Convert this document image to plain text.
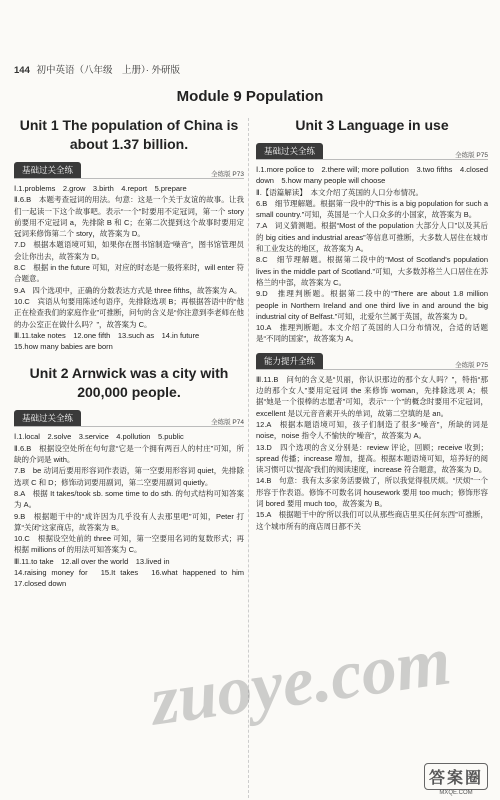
144 初中英语（八年级　上册）· 外研版
Module 9 Population
Unit 1 The population of China is about 1.37 billion.
基础过关全练	全练版 P73

Ⅰ.1.problems　2.grow　3.birth　4.report　5.prepare

Ⅱ.6.B　本题考查冠词的用法。句意：这是一个关于友谊的故事。让我们一起读一下这个故事吧。表示“一个”时要用不定冠词，第一个 story 前要用不定冠词 a，先排除 B 和 C；在第二次提到这个故事时要用定冠词来修饰第二个 story，故答案为 D。

7.D　根据本题语境可知，如果你在图书馆制造“噪音”，图书馆管理员会让你出去，故答案为 D。

8.C　根据 in the future 可知，对应的时态是一般将来时，will enter 符合题意。

9.A　四个选项中，正确的分数表达方式是 three fifths，故答案为 A。

10.C　宾语从句要用陈述句语序，先排除选项 B；再根据答语中的“他正在检查我们的家庭作业”可推断，问句的含义是“你注意到李老师在他的办公室正在做什么吗？”，故答案为 C。

Ⅲ.11.take notes　12.one fifth　13.such as　14.in future

15.how many babies are born

Unit 2 Arnwick was a city with 200,000 people.
基础过关全练	全练版 P74

Ⅰ.1.local　2.solve　3.service　4.pollution　5.public

Ⅱ.6.B　根据设空处所在句句意“它是一个拥有两百人的村庄”可知，所缺的介词是 with。

7.B　be 动词后要用形容词作表语，第一空要用形容词 quiet，先排除选项 C 和 D；修饰动词要用副词，第二空要用副词 quietly。

8.A　根据 It takes/took sb. some time to do sth. 的句式结构可知答案为 A。

9.B　根据题干中的“成许因为几乎没有人去那里吧”可知，Peter 打算“关闭”这家商店，故答案为 B。

10.C　根据设空处前的 three 可知，第一空要用名词的复数形式；再根据 millions of 的用法可知答案为 C。

Ⅲ.11.to take　12.all over the world　13.lived in

14.raising money for　15.It takes　16.what happened to him　17.closed down

Unit 3 Language in use
基础过关全练	全练版 P75

Ⅰ.1.more police to　2.there will; more pollution　3.two fifths　4.closed down　5.how many people will choose

Ⅱ.【语篇解读】　本文介绍了英国的人口分布情况。

6.B　细节理解题。根据第一段中的“This is a big population for such a small country.”可知，英国是一个人口众多的小国家，故答案为 B。

7.A　词义猜测题。根据“Most of the population 大部分人口”以及其后的 big cities and industrial areas”等信息可推断，大多数人居住在城市和工业发达的地区，故答案为 A。

8.C　细节理解题。根据第二段中的“Most of Scotland's population lives in the middle part of Scotland.”可知，大多数苏格兰人口居住在苏格兰的中部，故答案为 C。

9.D　推理判断题。根据第二段中的“There are about 1.8 million people in Northern Ireland and one third live in and around the big industrial city of Belfast.”可知，北爱尔兰属于英国，故答案为 D。

10.A　推理判断题。本文介绍了英国的人口分布情况，合适的话题是“不同的国家”，故答案为 A。

能力提升全练	全练版 P75

Ⅲ.11.B　问句的含义是“贝丽，你认识那边的那个女人吗？”，特指“那边的那个女人”要用定冠词 the 来修饰 woman，先排除选项 A；根据“她是一个很棒的志愿者”可知，表示“一个”的概念时要用不定冠词，excellent 是以元音音素开头的单词，故第二空填的是 an。

12.A　根据本题语境可知，孩子们制造了很多“噪音”，所缺的词是 noise，noise 指令人不愉快的“噪音”，故答案为 A。

13.D　四个选项的含义分别是：review 评论，回顾；receive 收到；spread 传播；increase 增加，提高。根据本题语境可知，培养好的阅读习惯可以“提高”我们的阅读速度，increase 符合题意，故答案为 D。

14.B　句意：我有太多家务活要做了，所以我觉得很厌烦。“厌烦”一个形容于作表语。修饰不可数名词 housework 要用 too much；修饰形容词 bored 要用 much too，故答案为 B。

15.A　根据题干中的“所以我们可以从那些商店里买任何东西”可推断，这个城市所有的商店周日都不关

zuoye.com
答案圈
MXQE.COM
